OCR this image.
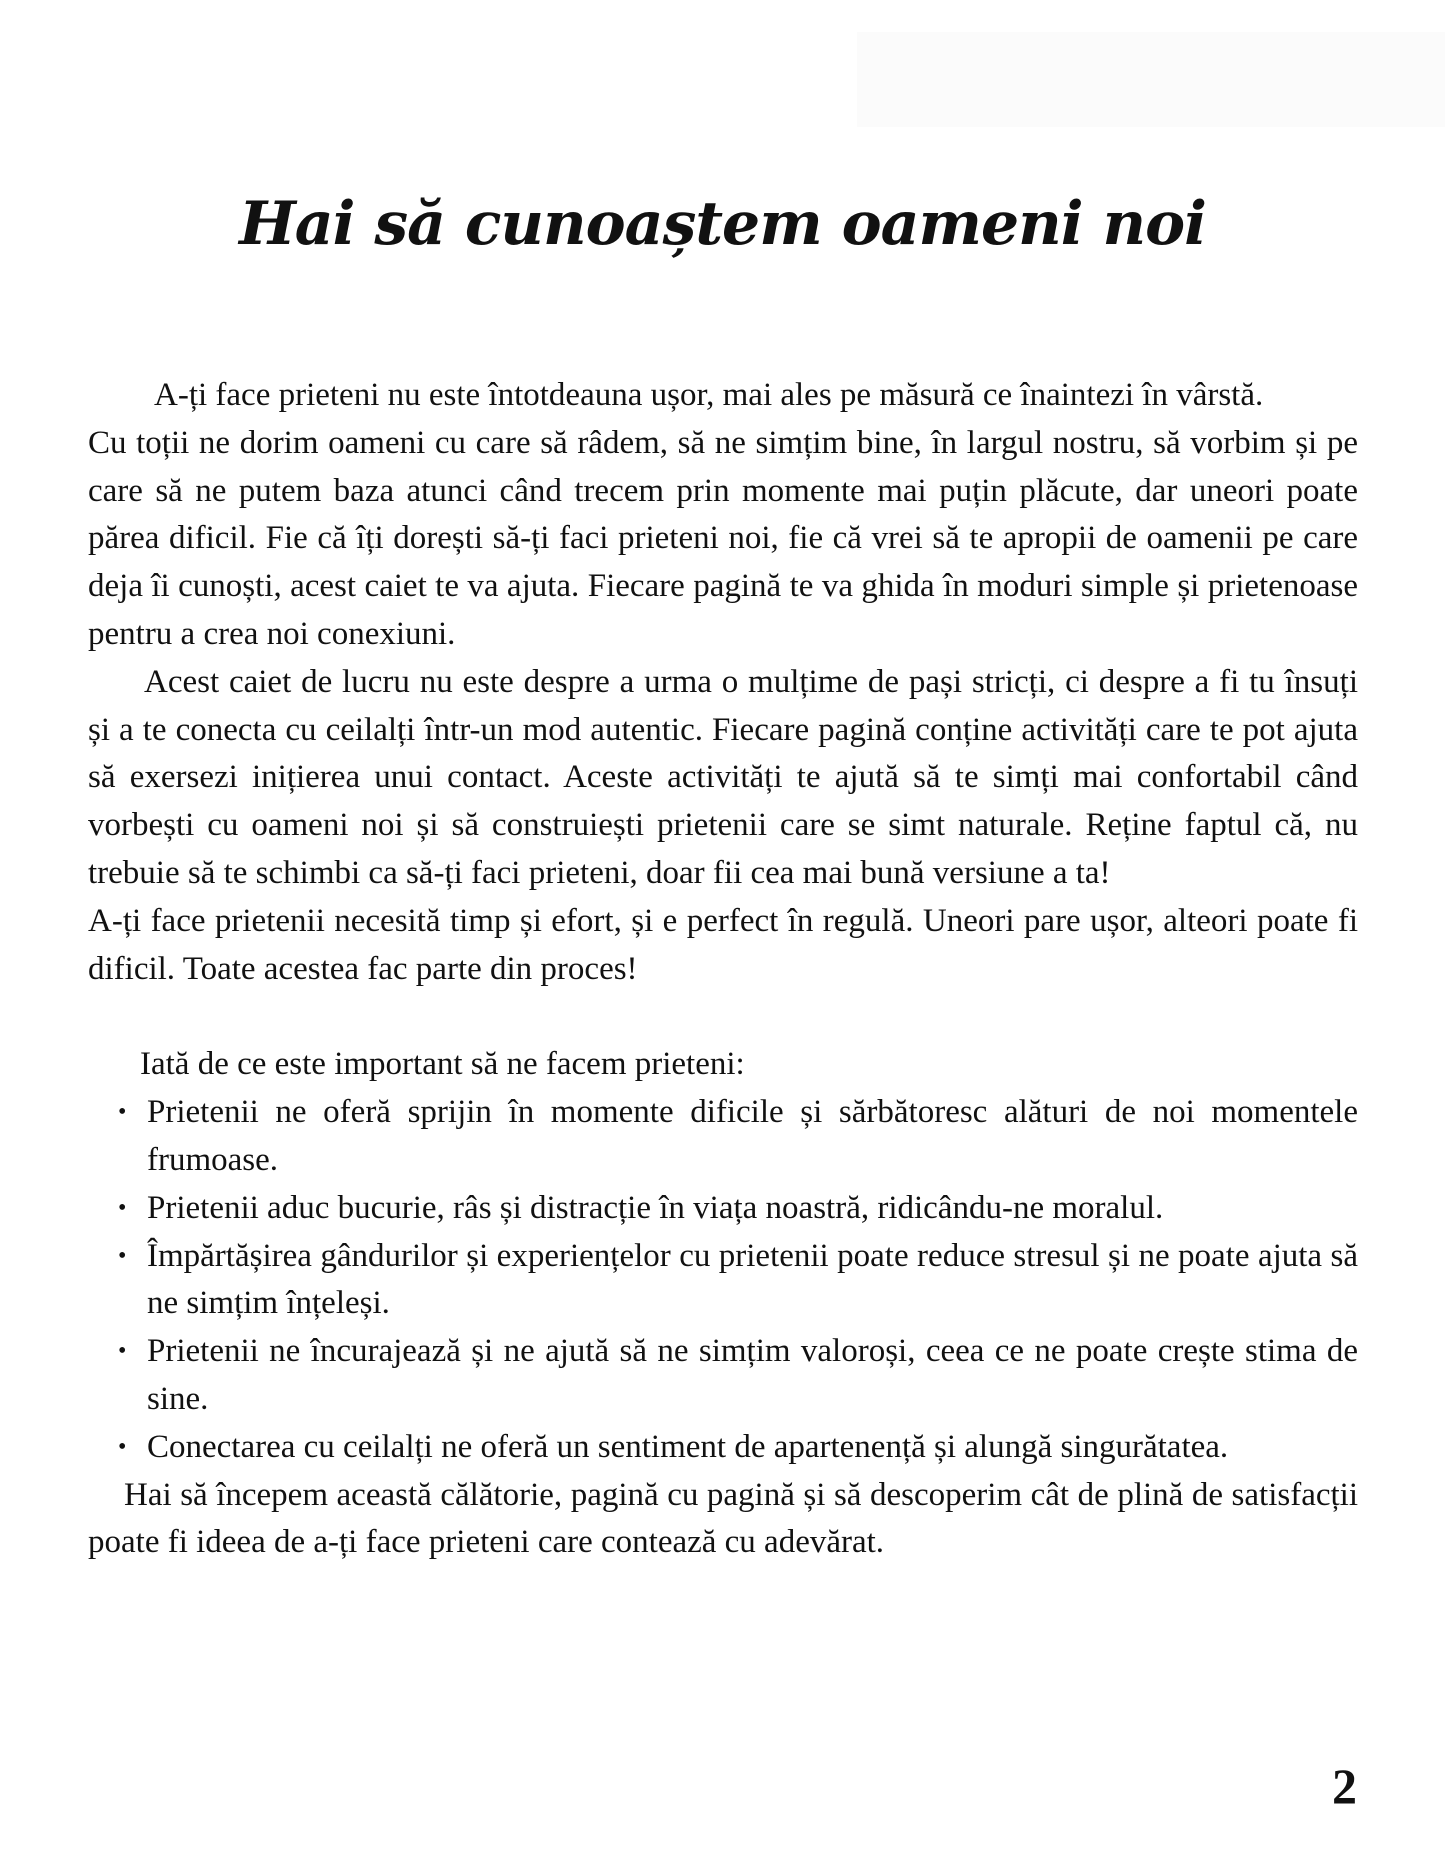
Hai să cunoaștem oameni noi

A-ți face prieteni nu este întotdeauna ușor, mai ales pe măsură ce înaintezi în vârstă.

Cu toții ne dorim oameni cu care să râdem, să ne simțim bine, în largul nostru, să vorbim și pe care să ne putem baza atunci când trecem prin momente mai puțin plăcute, dar uneori poate părea dificil. Fie că îți dorești să-ți faci prieteni noi, fie că vrei să te apropii de oamenii pe care deja îi cunoști, acest caiet te va ajuta. Fiecare pagină te va ghida în moduri simple și prietenoase pentru a crea noi conexiuni.

Acest caiet de lucru nu este despre a urma o mulțime de pași stricți, ci despre a fi tu însuți și a te conecta cu ceilalți într-un mod autentic. Fiecare pagină conține activități care te pot ajuta să exersezi inițierea unui contact. Aceste activități te ajută să te simți mai confortabil când vorbești cu oameni noi și să construiești prietenii care se simt naturale. Reține faptul că, nu trebuie să te schimbi ca să-ți faci prieteni, doar fii cea mai bună versiune a ta!

A-ți face prietenii necesită timp și efort, și e perfect în regulă. Uneori pare ușor, alteori poate fi dificil. Toate acestea fac parte din proces!

Iată de ce este important să ne facem prieteni:

• Prietenii ne oferă sprijin în momente dificile și sărbătoresc alături de noi momentele frumoase.
• Prietenii aduc bucurie, râs și distracție în viața noastră, ridicându-ne moralul.
• Împărtășirea gândurilor și experiențelor cu prietenii poate reduce stresul și ne poate ajuta să ne simțim înțeleși.
• Prietenii ne încurajează și ne ajută să ne simțim valoroși, ceea ce ne poate crește stima de sine.
• Conectarea cu ceilalți ne oferă un sentiment de apartenență și alungă singurătatea.

Hai să începem această călătorie, pagină cu pagină și să descoperim cât de plină de satisfacții poate fi ideea de a-ți face prieteni care contează cu adevărat.

2
